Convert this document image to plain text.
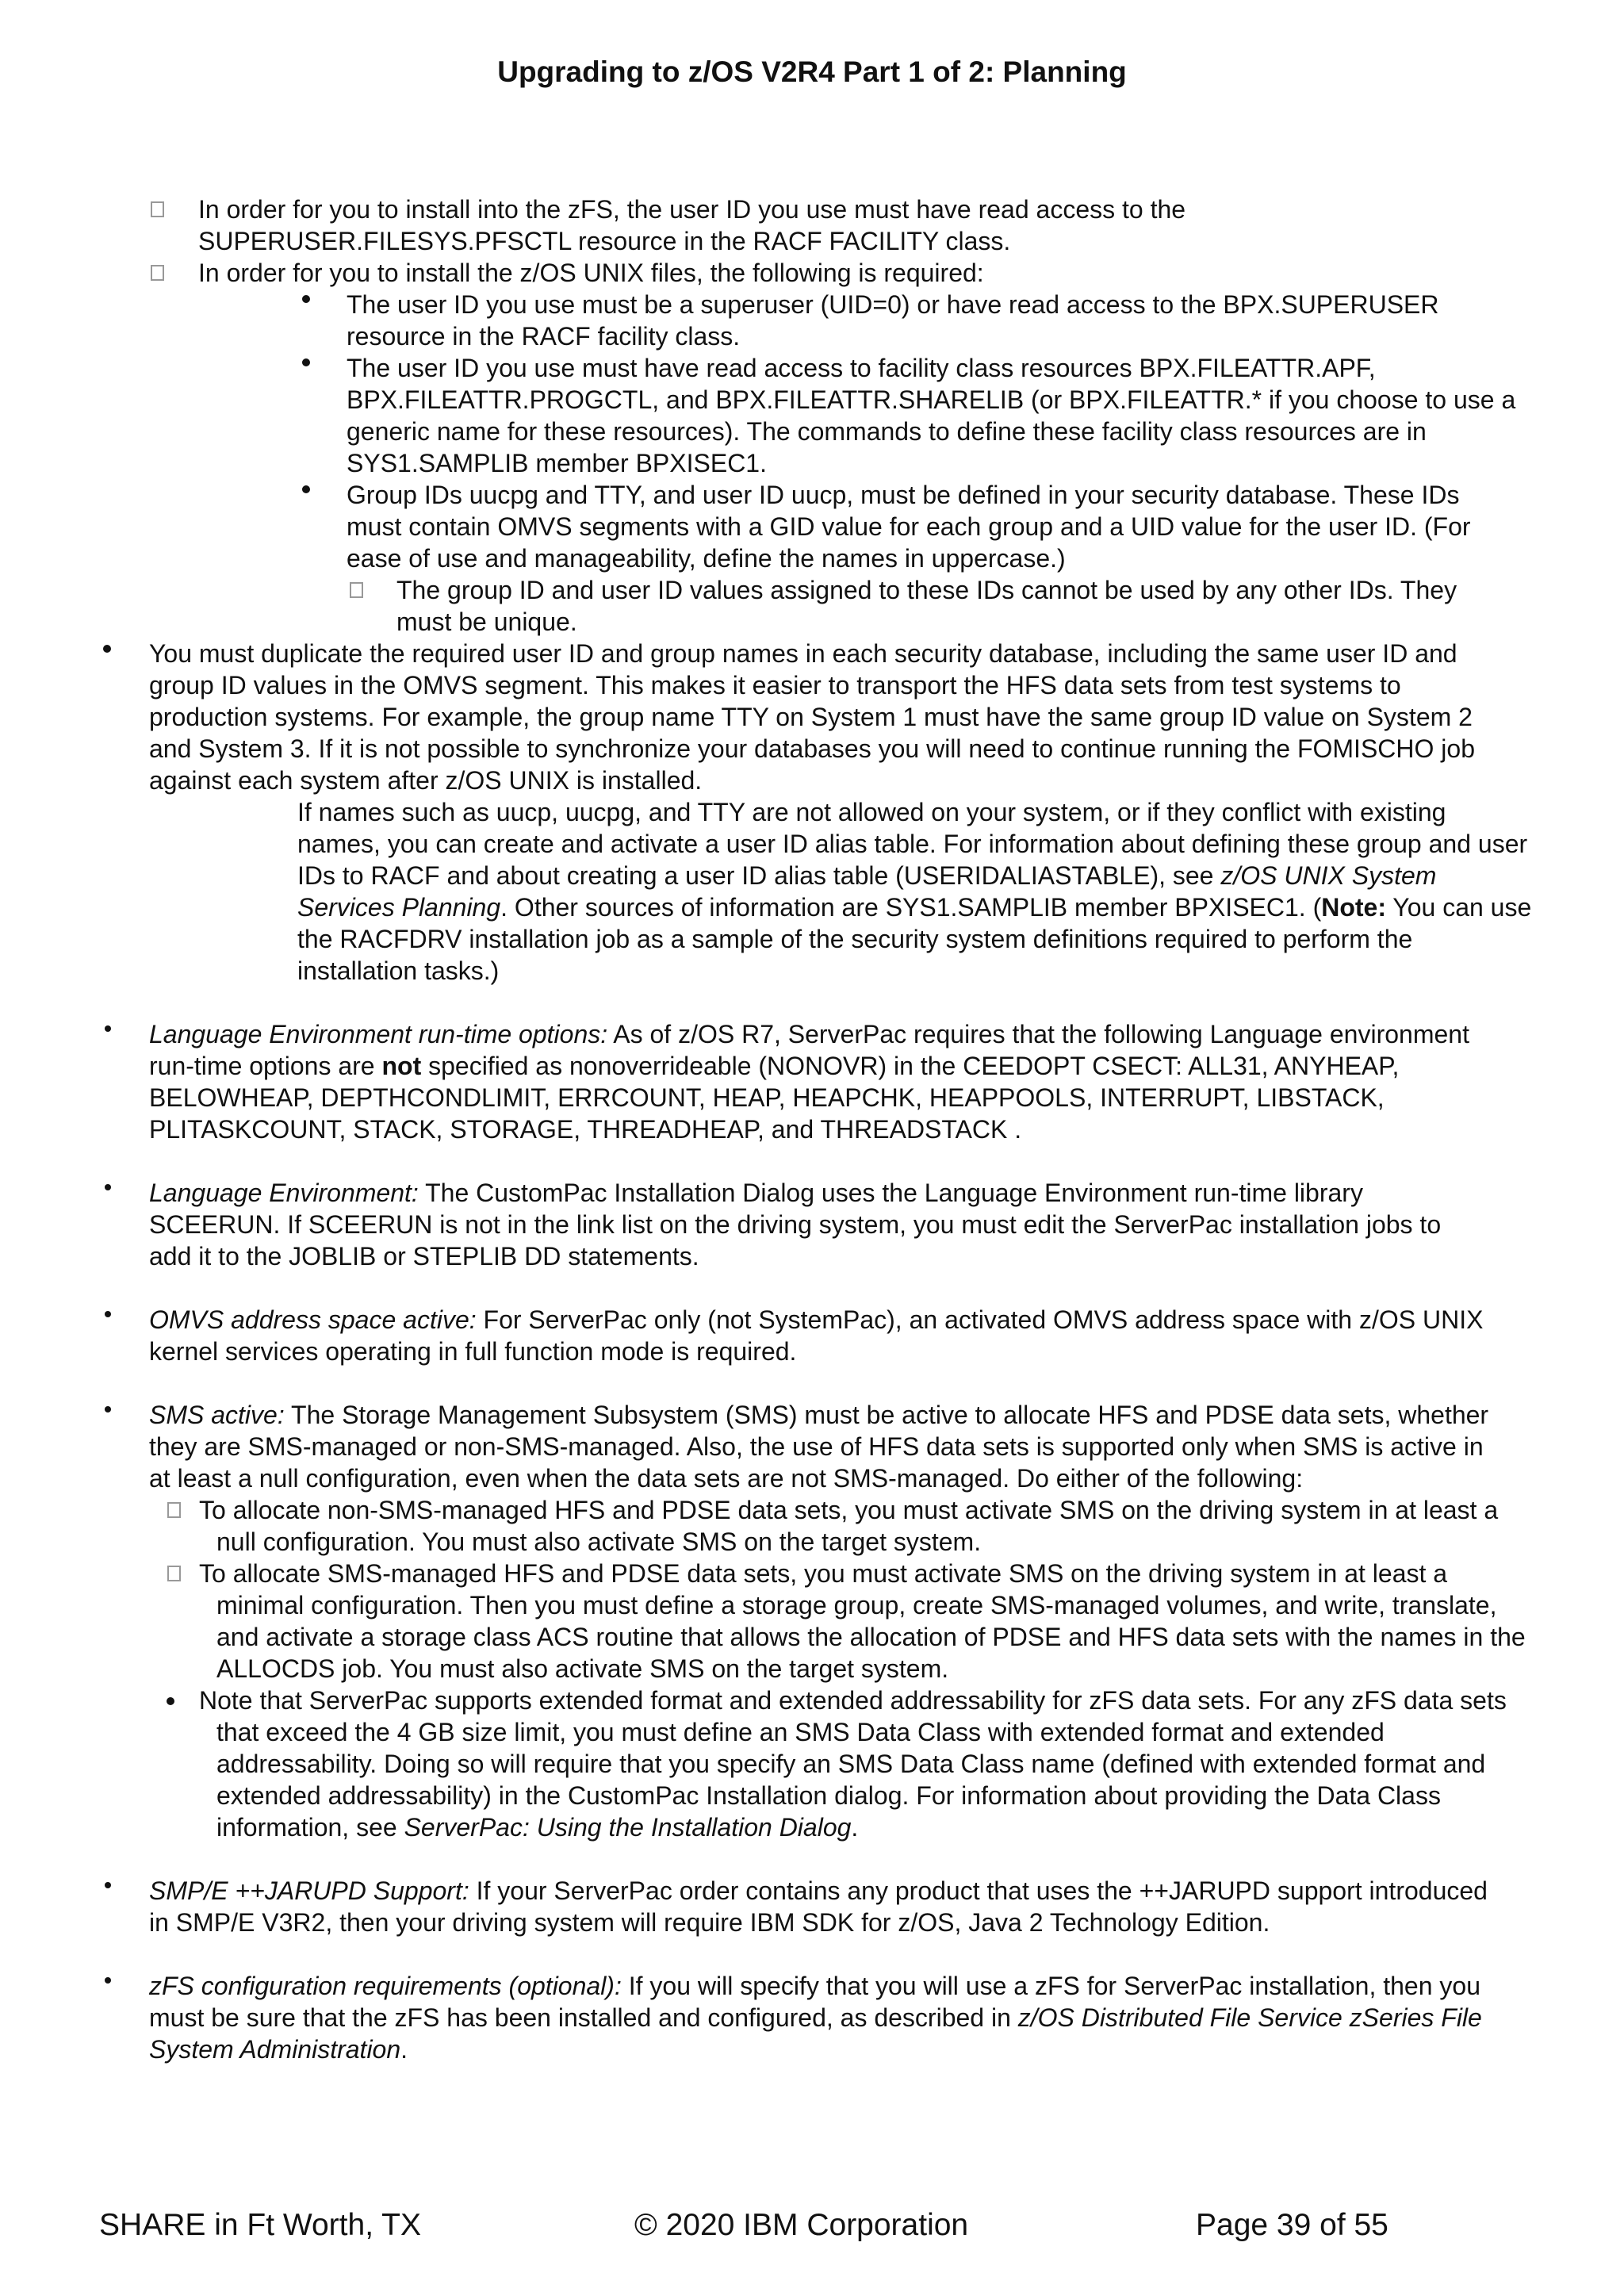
Upgrading to z/OS V2R4 Part 1 of 2: Planning

In order for you to install into the zFS, the user ID you use must have read access to the SUPERUSER.FILESYS.PFSCTL resource in the RACF FACILITY class.

In order for you to install the z/OS UNIX files, the following is required:

The user ID you use must be a superuser (UID=0) or have read access to the BPX.SUPERUSER resource in the RACF facility class.

The user ID you use must have read access to facility class resources BPX.FILEATTR.APF, BPX.FILEATTR.PROGCTL, and BPX.FILEATTR.SHARELIB (or BPX.FILEATTR.* if you choose to use a generic name for these resources). The commands to define these facility class resources are in SYS1.SAMPLIB member BPXISEC1.

Group IDs uucpg and TTY, and user ID uucp, must be defined in your security database. These IDs must contain OMVS segments with a GID value for each group and a UID value for the user ID. (For ease of use and manageability, define the names in uppercase.)

The group ID and user ID values assigned to these IDs cannot be used by any other IDs. They must be unique.

You must duplicate the required user ID and group names in each security database, including the same user ID and group ID values in the OMVS segment. This makes it easier to transport the HFS data sets from test systems to production systems. For example, the group name TTY on System 1 must have the same group ID value on System 2 and System 3. If it is not possible to synchronize your databases you will need to continue running the FOMISCHO job against each system after z/OS UNIX is installed.

If names such as uucp, uucpg, and TTY are not allowed on your system, or if they conflict with existing names, you can create and activate a user ID alias table. For information about defining these group and user IDs to RACF and about creating a user ID alias table (USERIDALIASTABLE), see z/OS UNIX System Services Planning. Other sources of information are SYS1.SAMPLIB member BPXISEC1. (Note: You can use the RACFDRV installation job as a sample of the security system definitions required to perform the installation tasks.)

Language Environment run-time options: As of z/OS R7, ServerPac requires that the following Language environment run-time options are not specified as nonoverrideable (NONOVR) in the CEEDOPT CSECT: ALL31, ANYHEAP, BELOWHEAP, DEPTHCONDLIMIT, ERRCOUNT, HEAP, HEAPCHK, HEAPPOOLS, INTERRUPT, LIBSTACK, PLITASKCOUNT, STACK, STORAGE, THREADHEAP, and THREADSTACK .

Language Environment: The CustomPac Installation Dialog uses the Language Environment run-time library SCEERUN. If SCEERUN is not in the link list on the driving system, you must edit the ServerPac installation jobs to add it to the JOBLIB or STEPLIB DD statements.

OMVS address space active: For ServerPac only (not SystemPac), an activated OMVS address space with z/OS UNIX kernel services operating in full function mode is required.

SMS active: The Storage Management Subsystem (SMS) must be active to allocate HFS and PDSE data sets, whether they are SMS-managed or non-SMS-managed. Also, the use of HFS data sets is supported only when SMS is active in at least a null configuration, even when the data sets are not SMS-managed. Do either of the following:

To allocate non-SMS-managed HFS and PDSE data sets, you must activate SMS on the driving system in at least a null configuration. You must also activate SMS on the target system.

To allocate SMS-managed HFS and PDSE data sets, you must activate SMS on the driving system in at least a minimal configuration. Then you must define a storage group, create SMS-managed volumes, and write, translate, and activate a storage class ACS routine that allows the allocation of PDSE and HFS data sets with the names in the ALLOCDS job. You must also activate SMS on the target system.

Note that ServerPac supports extended format and extended addressability for zFS data sets. For any zFS data sets that exceed the 4 GB size limit, you must define an SMS Data Class with extended format and extended addressability. Doing so will require that you specify an SMS Data Class name (defined with extended format and extended addressability) in the CustomPac Installation dialog. For information about providing the Data Class information, see ServerPac: Using the Installation Dialog.

SMP/E ++JARUPD Support: If your ServerPac order contains any product that uses the ++JARUPD support introduced in SMP/E V3R2, then your driving system will require IBM SDK for z/OS, Java 2 Technology Edition.

zFS configuration requirements (optional): If you will specify that you will use a zFS for ServerPac installation, then you must be sure that the zFS has been installed and configured, as described in z/OS Distributed File Service zSeries File System Administration.

SHARE in Ft Worth, TX	© 2020 IBM Corporation	Page 39 of 55
